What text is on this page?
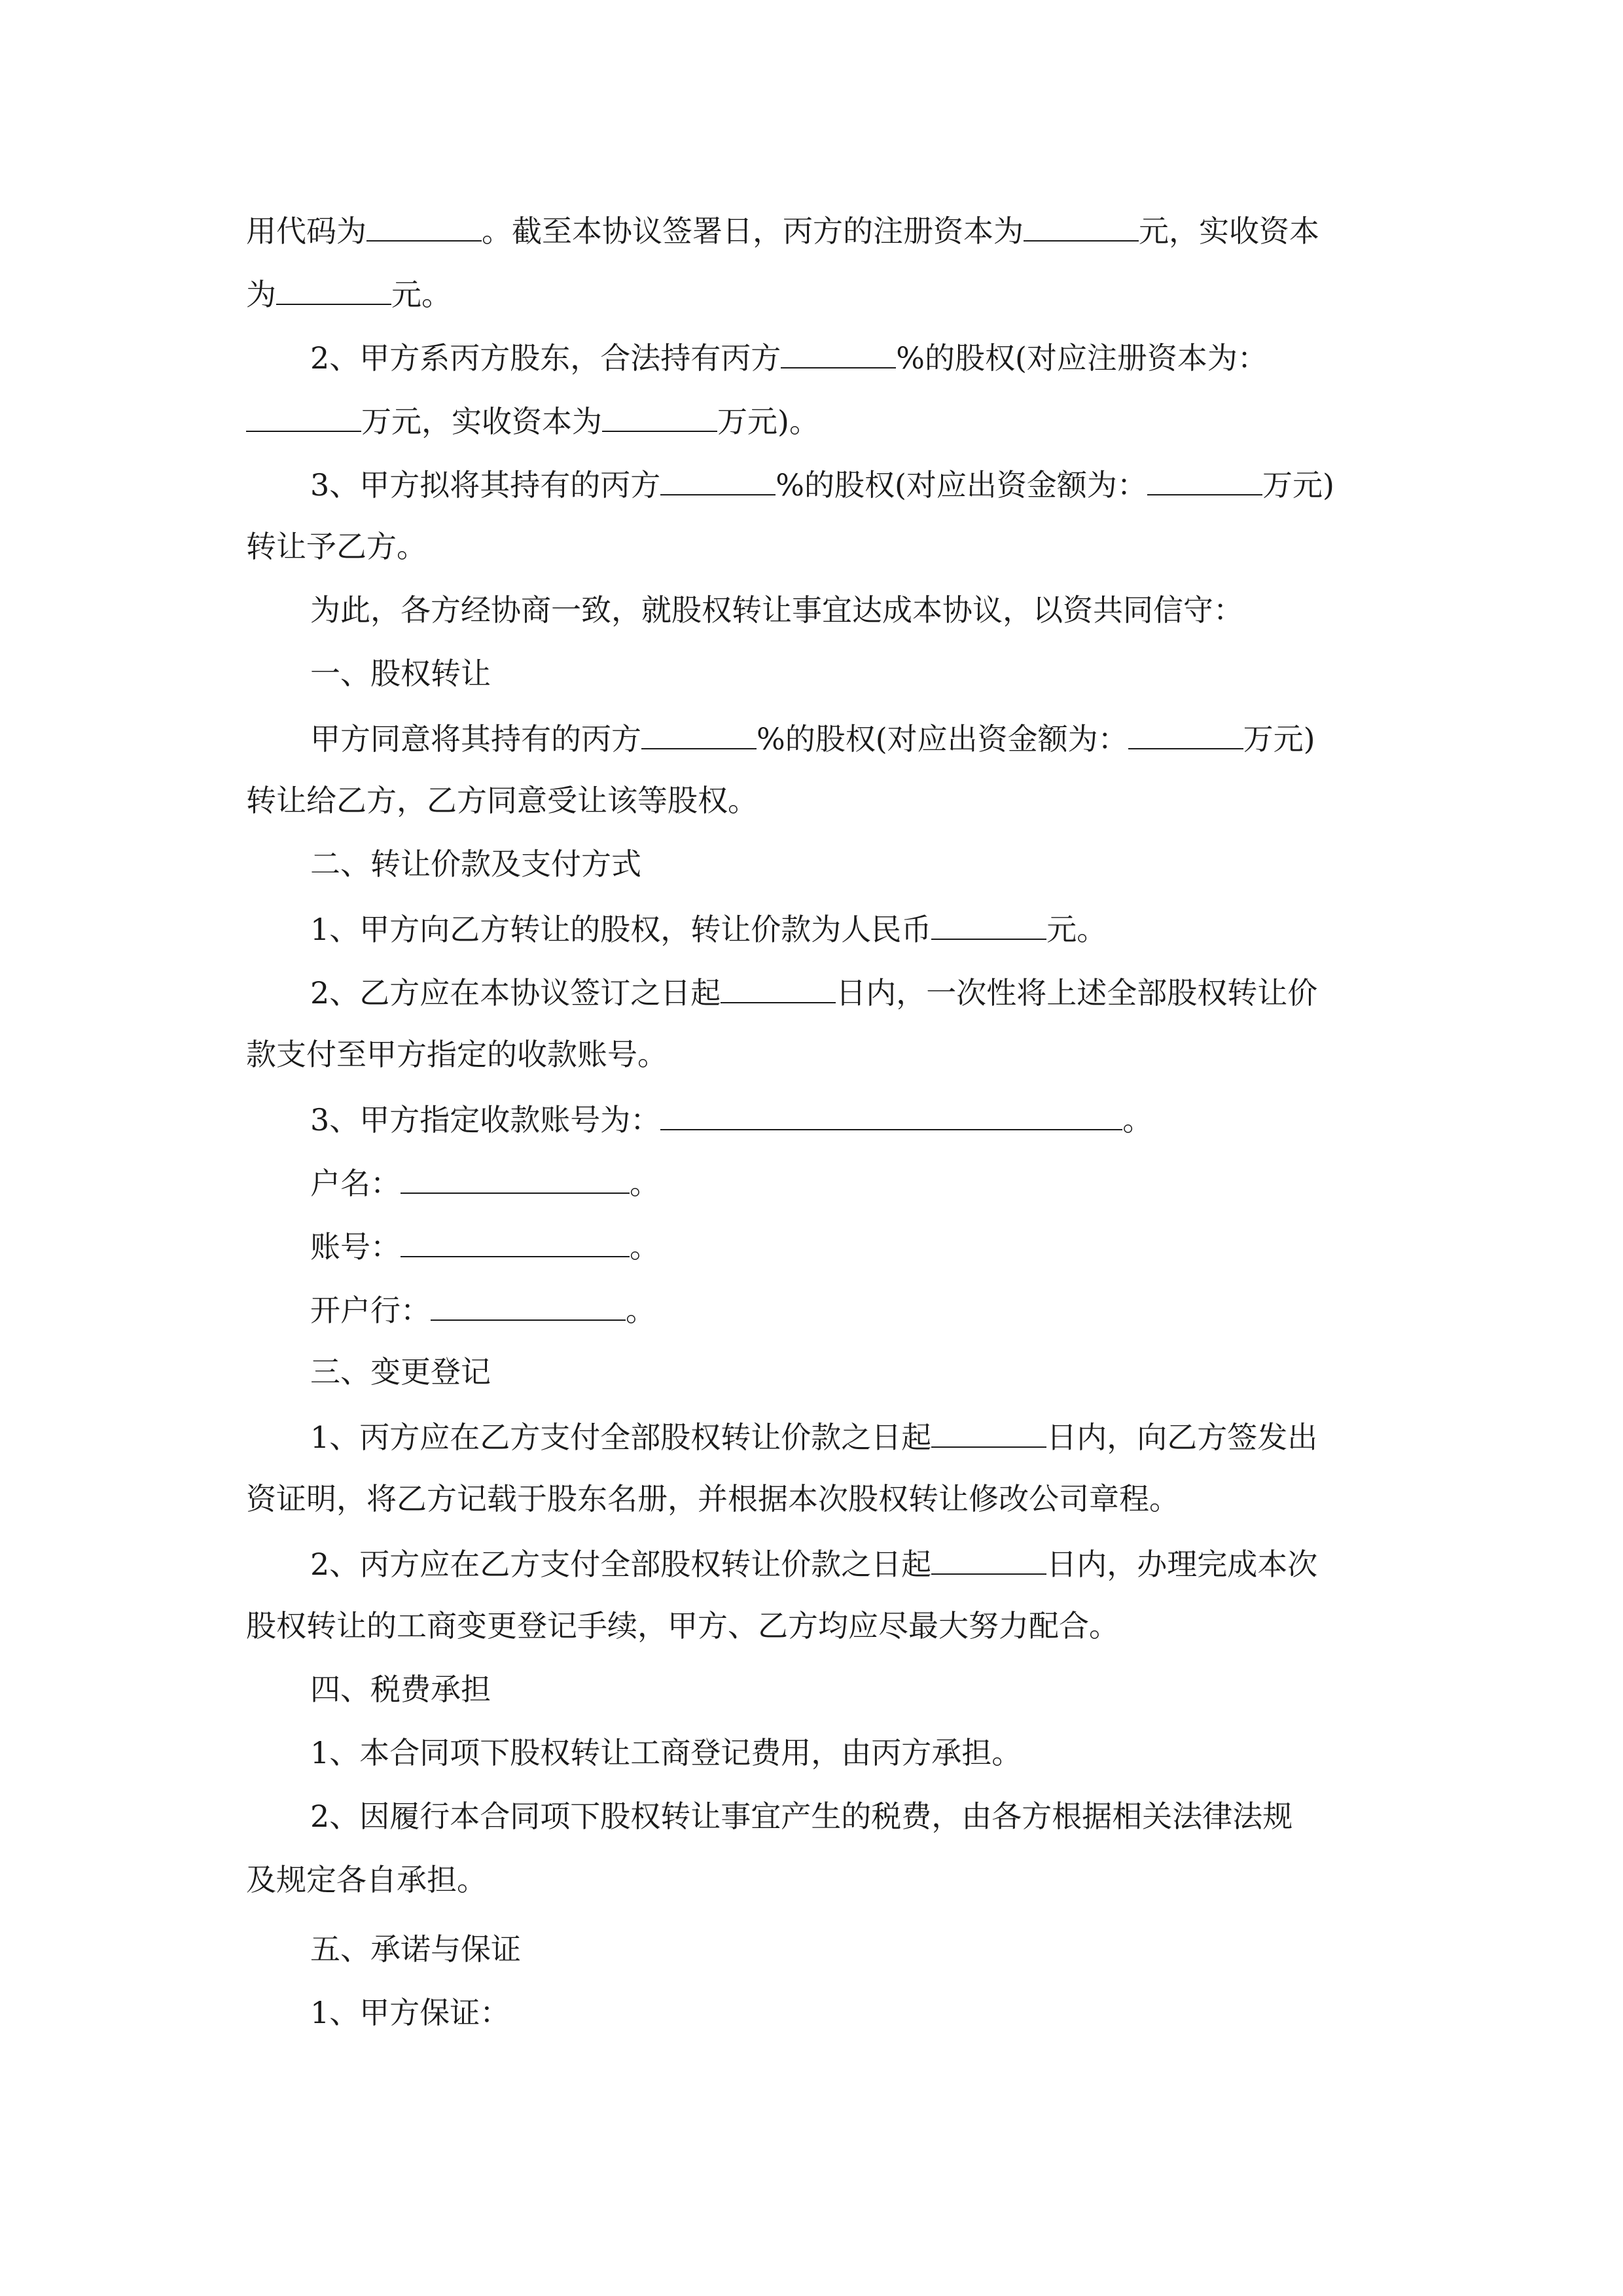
用代码为	。截至本协议签署日，丙方的注册资本为	元，实收资本
为	元。
2、甲方系丙方股东，合法持有丙方	%的股权(对应注册资本为：
万元，实收资本为	万元)。
3、甲方拟将其持有的丙方	%的股权(对应出资金额为：	万元)
转让予乙方。
为此，各方经协商一致，就股权转让事宜达成本协议，以资共同信守：
一、股权转让
甲方同意将其持有的丙方	%的股权(对应出资金额为：	万元)
转让给乙方，乙方同意受让该等股权。
二、转让价款及支付方式
1、甲方向乙方转让的股权，转让价款为人民币	元。
2、乙方应在本协议签订之日起	日内，一次性将上述全部股权转让价
款支付至甲方指定的收款账号。
3、甲方指定收款账号为：	。
户名：	。
账号：	。
开户行：	。
三、变更登记
1、丙方应在乙方支付全部股权转让价款之日起	日内，向乙方签发出
资证明，将乙方记载于股东名册，并根据本次股权转让修改公司章程。
2、丙方应在乙方支付全部股权转让价款之日起	日内，办理完成本次
股权转让的工商变更登记手续，甲方、乙方均应尽最大努力配合。
四、税费承担
1、本合同项下股权转让工商登记费用，由丙方承担。
2、因履行本合同项下股权转让事宜产生的税费，由各方根据相关法律法规
及规定各自承担。
五、承诺与保证
1、甲方保证：
